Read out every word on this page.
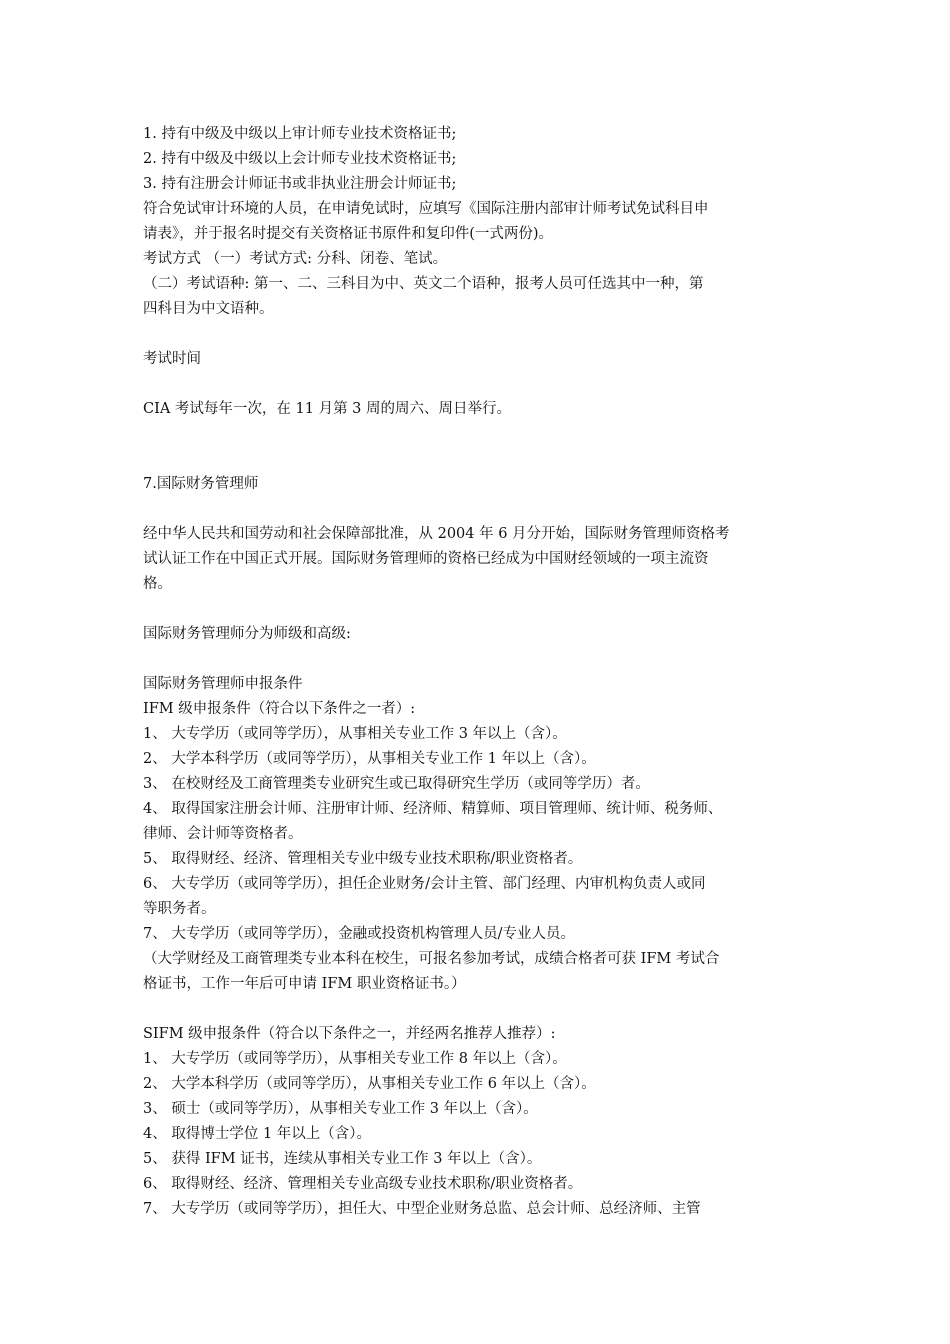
1. 持有中级及中级以上审计师专业技术资格证书;
2. 持有中级及中级以上会计师专业技术资格证书;
3. 持有注册会计师证书或非执业注册会计师证书;
符合免试审计环境的人员，在申请免试时，应填写《国际注册内部审计师考试免试科目申
请表》，并于报名时提交有关资格证书原件和复印件(一式两份)。
考试方式 （一）考试方式: 分科、闭卷、笔试。
（二）考试语种: 第一、二、三科目为中、英文二个语种，报考人员可任选其中一种，第
四科目为中文语种。
考试时间
CIA 考试每年一次，在 11 月第 3 周的周六、周日举行。
7.国际财务管理师
经中华人民共和国劳动和社会保障部批准，从 2004 年 6 月分开始，国际财务管理师资格考
试认证工作在中国正式开展。国际财务管理师的资格已经成为中国财经领域的一项主流资
格。
国际财务管理师分为师级和高级:
国际财务管理师申报条件
IFM 级申报条件（符合以下条件之一者）:
1、 大专学历（或同等学历），从事相关专业工作 3 年以上（含）。
2、 大学本科学历（或同等学历），从事相关专业工作 1 年以上（含）。
3、 在校财经及工商管理类专业研究生或已取得研究生学历（或同等学历）者。
4、 取得国家注册会计师、注册审计师、经济师、精算师、项目管理师、统计师、税务师、
律师、会计师等资格者。
5、 取得财经、经济、管理相关专业中级专业技术职称/职业资格者。
6、 大专学历（或同等学历），担任企业财务/会计主管、部门经理、内审机构负责人或同
等职务者。
7、 大专学历（或同等学历），金融或投资机构管理人员/专业人员。
（大学财经及工商管理类专业本科在校生，可报名参加考试，成绩合格者可获 IFM 考试合
格证书，工作一年后可申请 IFM 职业资格证书。）
SIFM 级申报条件（符合以下条件之一，并经两名推荐人推荐）:
1、 大专学历（或同等学历），从事相关专业工作 8 年以上（含）。
2、 大学本科学历（或同等学历），从事相关专业工作 6 年以上（含）。
3、 硕士（或同等学历），从事相关专业工作 3 年以上（含）。
4、 取得博士学位 1 年以上（含）。
5、 获得 IFM 证书，连续从事相关专业工作 3 年以上（含）。
6、 取得财经、经济、管理相关专业高级专业技术职称/职业资格者。
7、 大专学历（或同等学历），担任大、中型企业财务总监、总会计师、总经济师、主管
